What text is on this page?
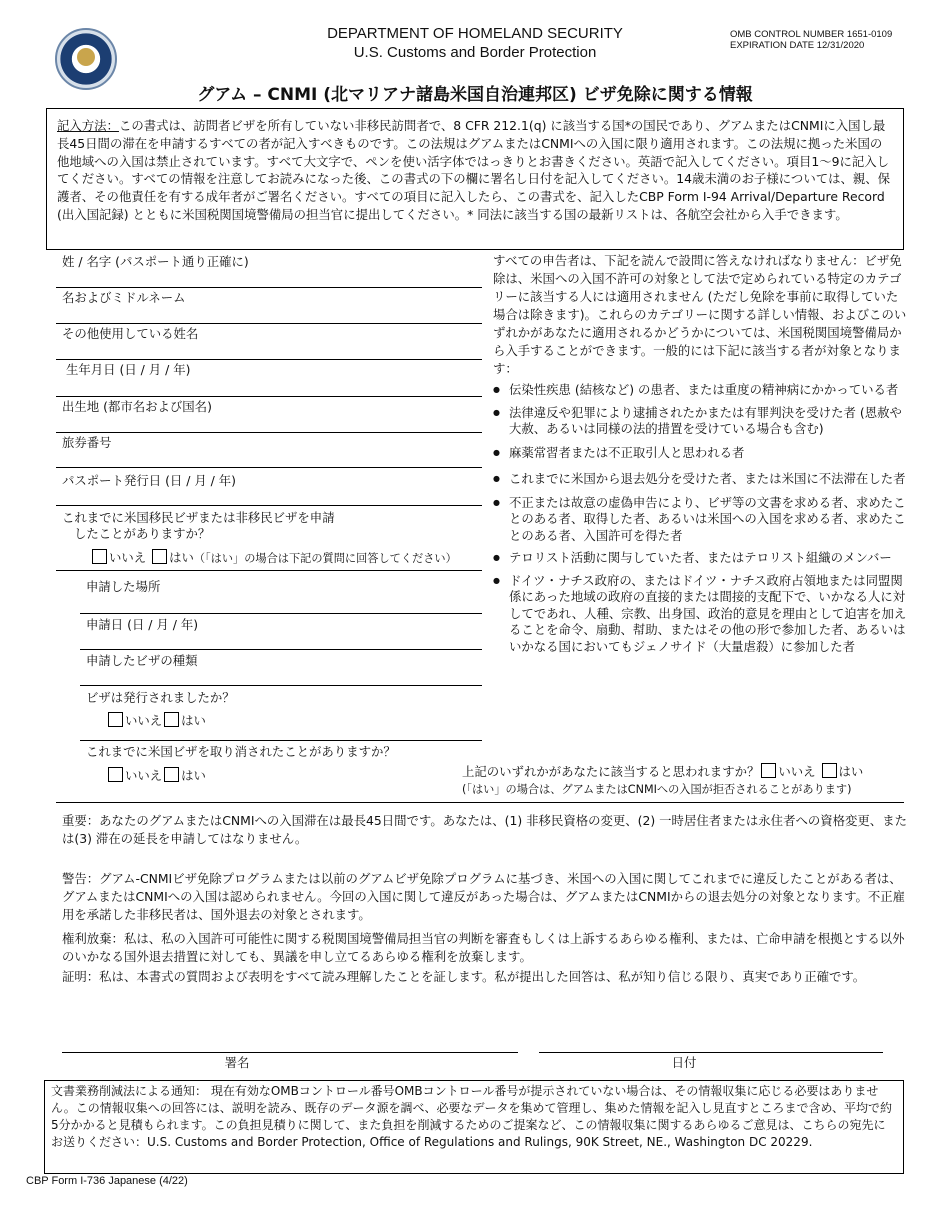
DEPARTMENT OF HOMELAND SECURITY
U.S. Customs and Border Protection
OMB CONTROL NUMBER 1651-0109
EXPIRATION DATE 12/31/2020
グアム – CNMI (北マリアナ諸島米国自治連邦区) ビザ免除に関する情報
記入方法：この書式は、訪問者ビザを所有していない非移民訪問者で、8 CFR 212.1(q) に該当する国*の国民であり、グアムまたはCNMIに入国し最長45日間の滞在を申請するすべての者が記入すべきものです。この法規はグアムまたはCNMIへの入国に限り適用されます。この法規に拠った米国の他地域への入国は禁止されています。すべて大文字で、ペンを使い活字体ではっきりとお書きください。英語で記入してください。項目1〜9に記入してください。すべての情報を注意してお読みになった後、この書式の下の欄に署名し日付を記入してください。14歳未満のお子様については、親、保護者、その他責任を有する成年者がご署名ください。すべての項目に記入したら、この書式を、記入したCBP Form I-94 Arrival/Departure Record (出入国記録) とともに米国税関国境警備局の担当官に提出してください。* 同法に該当する国の最新リストは、各航空会社から入手できます。
姓 / 名字 (パスポート通り正確に)
名およびミドルネーム
その他使用している姓名
生年月日 (日 / 月 / 年)
出生地 (都市名および国名)
旅券番号
パスポート発行日 (日 / 月 / 年)
これまでに米国移民ビザまたは非移民ビザを申請
したことがありますか？
いいえ はい（「はい」の場合は下記の質問に回答してください）
申請した場所
申請日 (日 / 月 / 年)
申請したビザの種類
ビザは発行されましたか？
いいえ はい
これまでに米国ビザを取り消されたことがありますか？
いいえ はい
すべての申告者は、下記を読んで設問に答えなければなりません：ビザ免除は、米国への入国不許可の対象として法で定められている特定のカテゴリーに該当する人には適用されません (ただし免除を事前に取得していた場合は除きます)。これらのカテゴリーに関する詳しい情報、およびこのいずれかがあなたに適用されるかどうかについては、米国税関国境警備局から入手することができます。一般的には下記に該当する者が対象となります：
● 伝染性疾患 (結核など) の患者、または重度の精神病にかかっている者
● 法律違反や犯罪により逮捕されたかまたは有罪判決を受けた者 (恩赦や大赦、あるいは同様の法的措置を受けている場合も含む)
● 麻薬常習者または不正取引人と思われる者
● これまでに米国から退去処分を受けた者、または米国に不法滞在した者
● 不正または故意の虚偽申告により、ビザ等の文書を求める者、求めたことのある者、取得した者、あるいは米国への入国を求める者、求めたことのある者、入国許可を得た者
● テロリスト活動に関与していた者、またはテロリスト組織のメンバー
● ドイツ・ナチス政府の、またはドイツ・ナチス政府占領地または同盟関係にあった地域の政府の直接的または間接的支配下で、いかなる人に対してであれ、人種、宗教、出身国、政治的意見を理由として迫害を加えることを命令、扇動、幇助、またはその他の形で参加した者、あるいはいかなる国においてもジェノサイド（大量虐殺）に参加した者
上記のいずれかがあなたに該当すると思われますか？ いいえ はい
(「はい」の場合は、グアムまたはCNMIへの入国が拒否されることがあります)
重要：あなたのグアムまたはCNMIへの入国滞在は最長45日間です。あなたは、(1) 非移民資格の変更、(2) 一時居住者または永住者への資格変更、または(3) 滞在の延長を申請してはなりません。
警告：グアム-CNMIビザ免除プログラムまたは以前のグアムビザ免除プログラムに基づき、米国への入国に関してこれまでに違反したことがある者は、グアムまたはCNMIへの入国は認められません。今回の入国に関して違反があった場合は、グアムまたはCNMIからの退去処分の対象となります。不正雇用を承諾した非移民者は、国外退去の対象とされます。
権利放棄：私は、私の入国許可可能性に関する税関国境警備局担当官の判断を審査もしくは上訴するあらゆる権利、または、亡命申請を根拠とする以外のいかなる国外退去措置に対しても、異議を申し立てるあらゆる権利を放棄します。
証明：私は、本書式の質問および表明をすべて読み理解したことを証します。私が提出した回答は、私が知り信じる限り、真実であり正確です。
署名	日付
文書業務削減法による通知： 現在有効なOMBコントロール番号OMBコントロール番号が提示されていない場合は、その情報収集に応じる必要はありません。この情報収集への回答には、説明を読み、既存のデータ源を調べ、必要なデータを集めて管理し、集めた情報を記入し見直すところまで含め、平均で約5分かかると見積もられます。この負担見積りに関して、また負担を削減するためのご提案など、この情報収集に関するあらゆるご意見は、こちらの宛先にお送りください：U.S. Customs and Border Protection, Office of Regulations and Rulings, 90K Street, NE., Washington DC 20229.
CBP Form I-736 Japanese (4/22)
